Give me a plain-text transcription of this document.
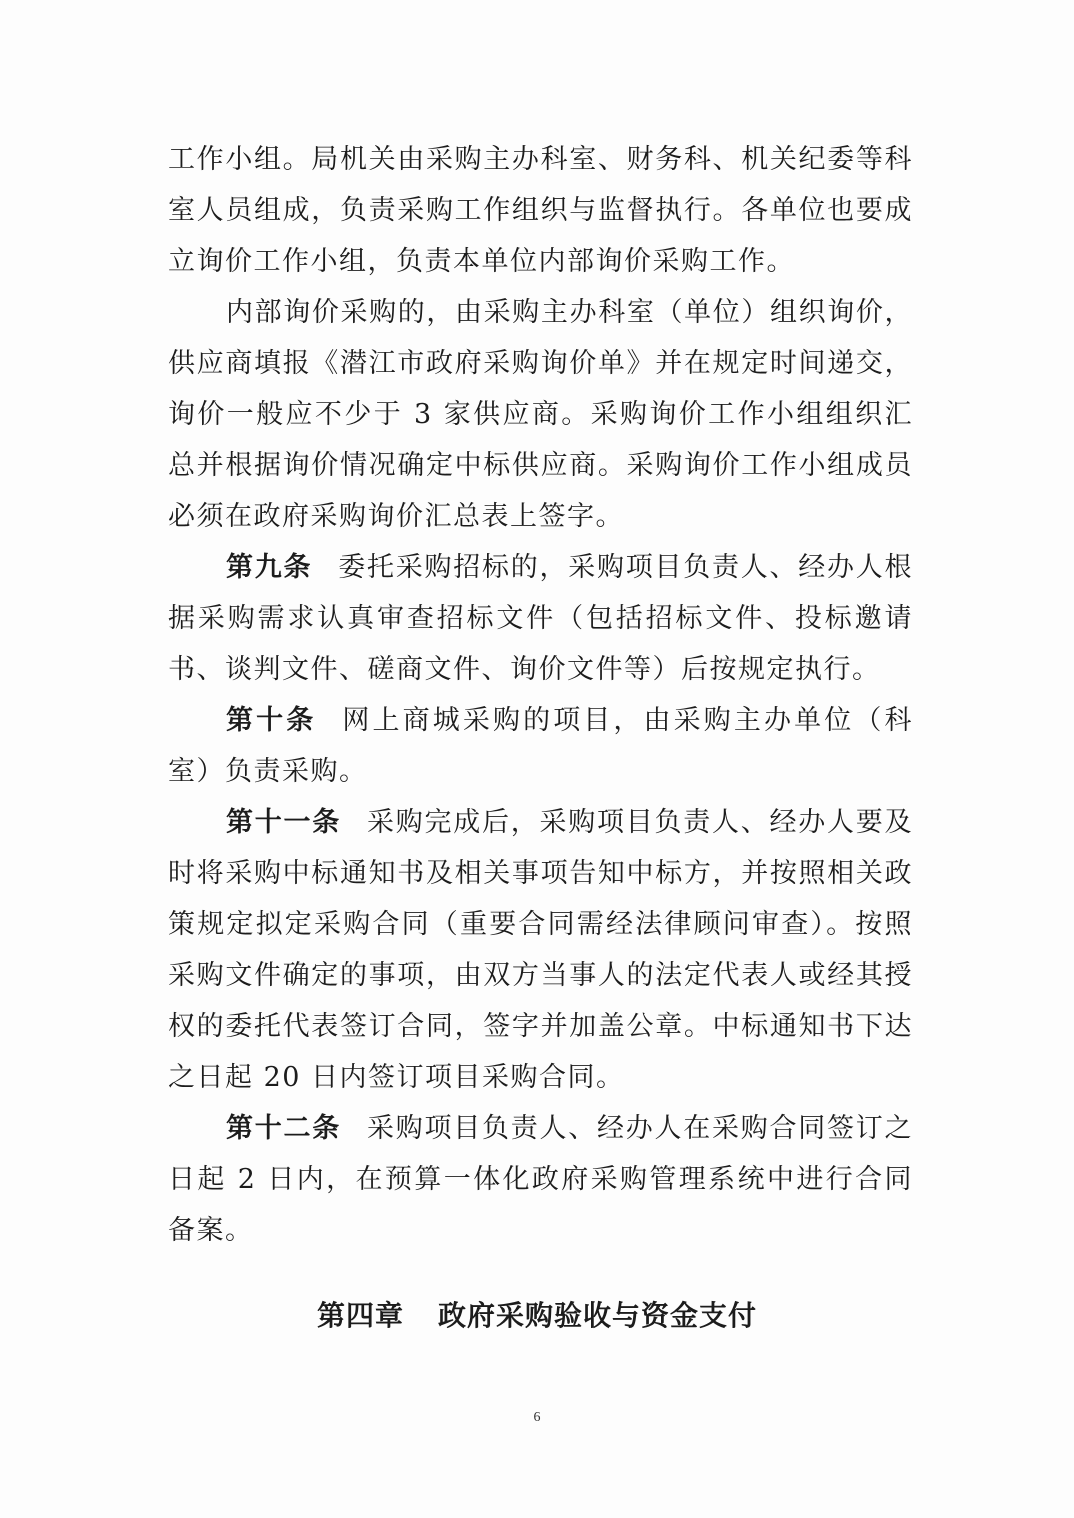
工作小组。局机关由采购主办科室、财务科、机关纪委等科室人员组成，负责采购工作组织与监督执行。各单位也要成立询价工作小组，负责本单位内部询价采购工作。

内部询价采购的，由采购主办科室（单位）组织询价，供应商填报《潜江市政府采购询价单》并在规定时间递交，询价一般应不少于 3 家供应商。采购询价工作小组组织汇总并根据询价情况确定中标供应商。采购询价工作小组成员必须在政府采购询价汇总表上签字。

第九条 委托采购招标的，采购项目负责人、经办人根据采购需求认真审查招标文件（包括招标文件、投标邀请书、谈判文件、磋商文件、询价文件等）后按规定执行。

第十条 网上商城采购的项目，由采购主办单位（科室）负责采购。

第十一条 采购完成后，采购项目负责人、经办人要及时将采购中标通知书及相关事项告知中标方，并按照相关政策规定拟定采购合同（重要合同需经法律顾问审查）。按照采购文件确定的事项，由双方当事人的法定代表人或经其授权的委托代表签订合同，签字并加盖公章。中标通知书下达之日起 20 日内签订项目采购合同。

第十二条 采购项目负责人、经办人在采购合同签订之日起 2 日内，在预算一体化政府采购管理系统中进行合同备案。

第四章 政府采购验收与资金支付
6
